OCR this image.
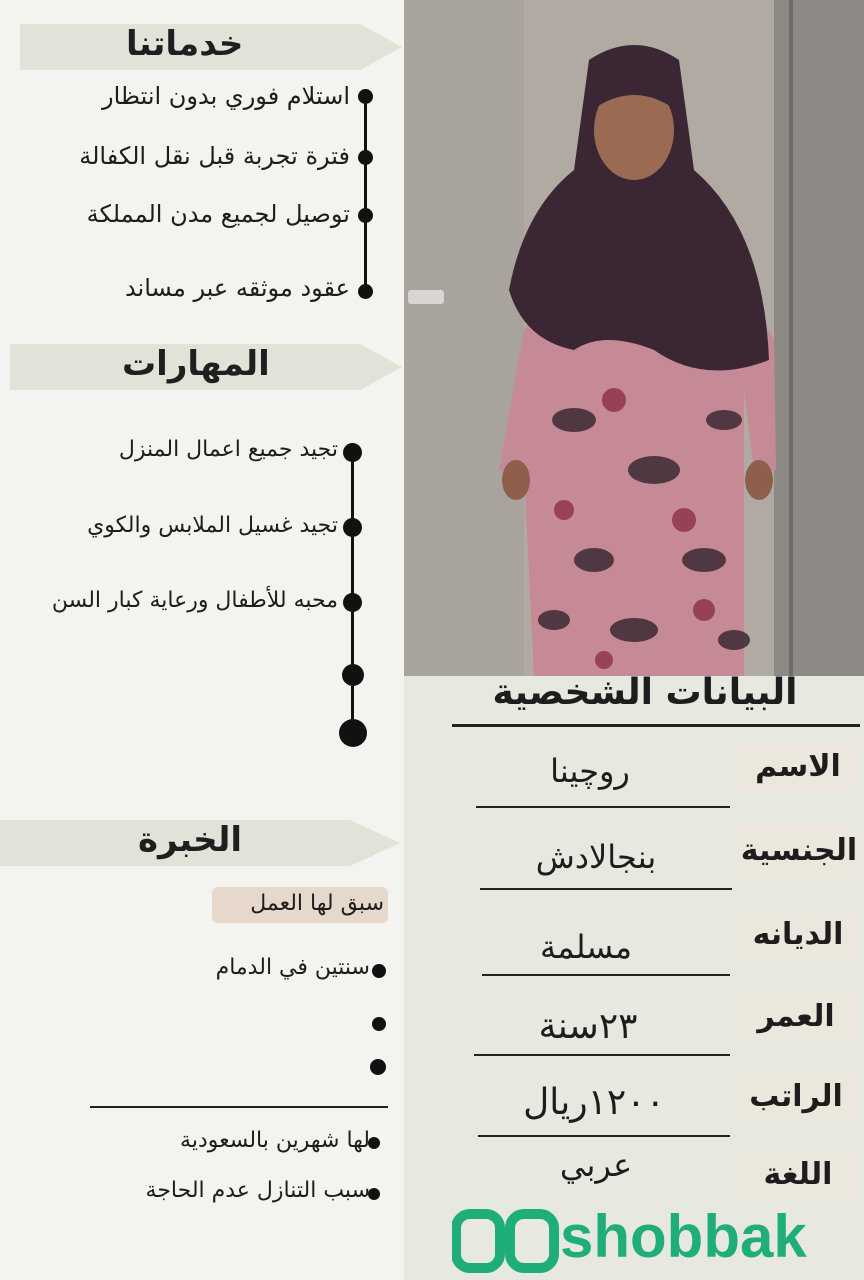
خدماتنا
استلام فوري بدون انتظار
فترة تجربة قبل نقل الكفالة
توصيل لجميع مدن المملكة
عقود موثقه عبر مساند
المهارات
تجيد جميع اعمال المنزل
تجيد غسيل الملابس والكوي
محبه للأطفال ورعاية كبار السن
الخبرة
سبق لها العمل
سنتين في الدمام
لها شهرين بالسعودية
سبب التنازل عدم الحاجة
البيانات الشخصية
الاسم
روچينا
الجنسية
بنجالادش
الديانه
مسلمة
العمر
٢٣سنة
الراتب
١٢٠٠ريال
اللغة
عربي
shobbak
